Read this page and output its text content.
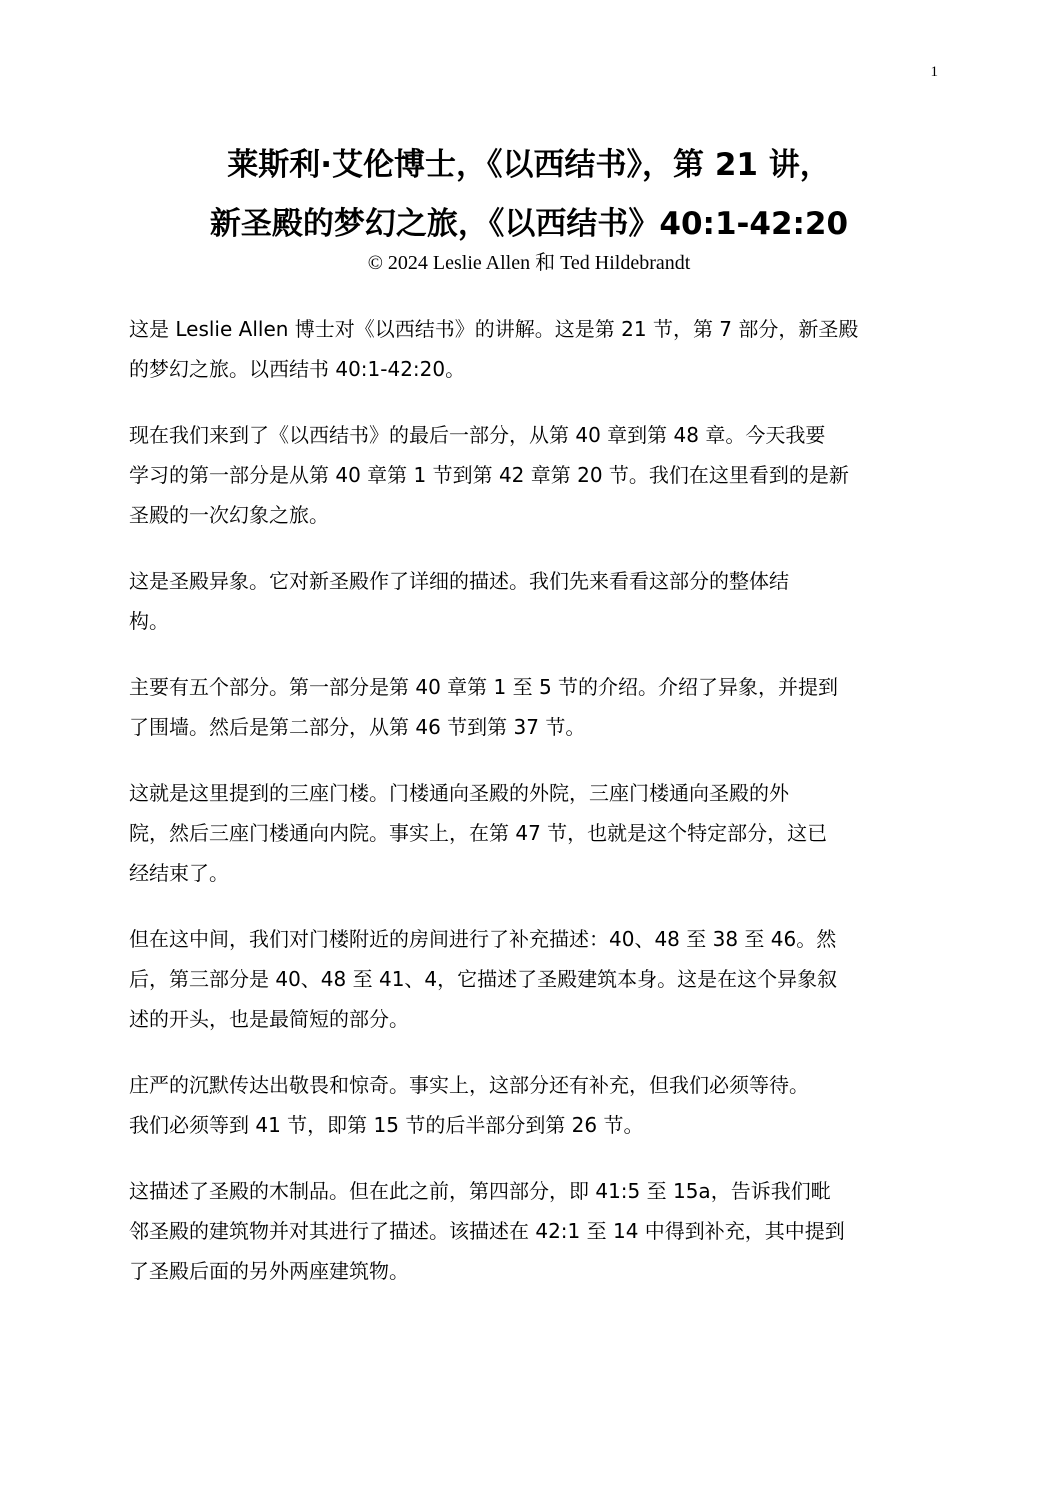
1

莱斯利·艾伦博士，《以西结书》，第 21 讲，

新圣殿的梦幻之旅，《以西结书》40:1-42:20

© 2024 Leslie Allen 和 Ted Hildebrandt

这是 Leslie Allen 博士对《以西结书》的讲解。这是第 21 节，第 7 部分，新圣殿
的梦幻之旅。以西结书 40:1-42:20。

现在我们来到了《以西结书》的最后一部分，从第 40 章到第 48 章。今天我要
学习的第一部分是从第 40 章第 1 节到第 42 章第 20 节。我们在这里看到的是新
圣殿的一次幻象之旅。

这是圣殿异象。它对新圣殿作了详细的描述。我们先来看看这部分的整体结
构。

主要有五个部分。第一部分是第 40 章第 1 至 5 节的介绍。介绍了异象，并提到
了围墙。然后是第二部分，从第 46 节到第 37 节。

这就是这里提到的三座门楼。门楼通向圣殿的外院，三座门楼通向圣殿的外
院，然后三座门楼通向内院。事实上，在第 47 节，也就是这个特定部分，这已
经结束了。

但在这中间，我们对门楼附近的房间进行了补充描述：40、48 至 38 至 46。然
后，第三部分是 40、48 至 41、4，它描述了圣殿建筑本身。这是在这个异象叙
述的开头，也是最简短的部分。

庄严的沉默传达出敬畏和惊奇。事实上，这部分还有补充，但我们必须等待。
我们必须等到 41 节，即第 15 节的后半部分到第 26 节。

这描述了圣殿的木制品。但在此之前，第四部分，即 41:5 至 15a，告诉我们毗
邻圣殿的建筑物并对其进行了描述。该描述在 42:1 至 14 中得到补充，其中提到
了圣殿后面的另外两座建筑物。
